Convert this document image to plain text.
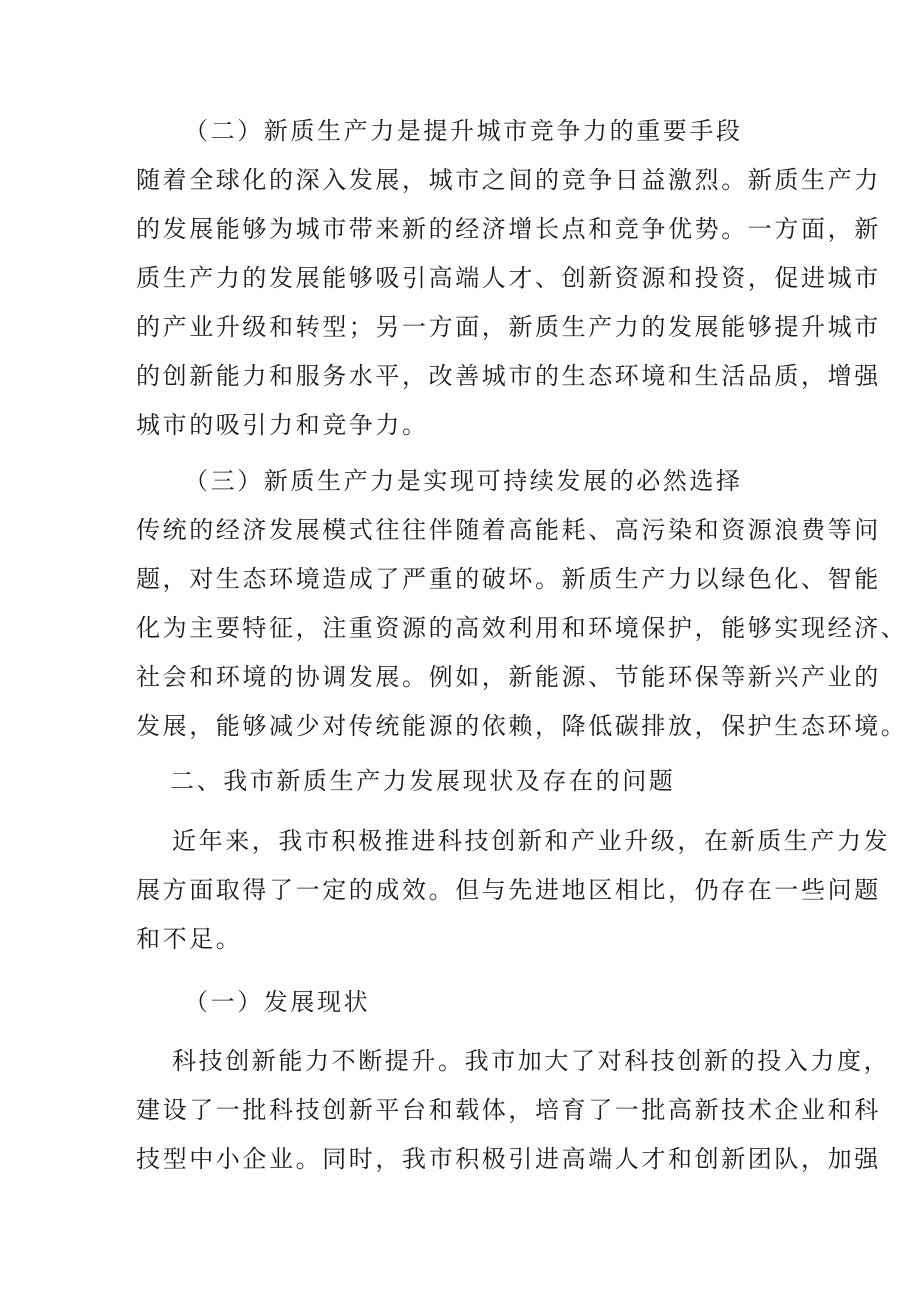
（二）新质生产力是提升城市竞争力的重要手段
随着全球化的深入发展，城市之间的竞争日益激烈。新质生产力
的发展能够为城市带来新的经济增长点和竞争优势。一方面，新
质生产力的发展能够吸引高端人才、创新资源和投资，促进城市
的产业升级和转型；另一方面，新质生产力的发展能够提升城市
的创新能力和服务水平，改善城市的生态环境和生活品质，增强
城市的吸引力和竞争力。
（三）新质生产力是实现可持续发展的必然选择
传统的经济发展模式往往伴随着高能耗、高污染和资源浪费等问
题，对生态环境造成了严重的破坏。新质生产力以绿色化、智能
化为主要特征，注重资源的高效利用和环境保护，能够实现经济、
社会和环境的协调发展。例如，新能源、节能环保等新兴产业的
发展，能够减少对传统能源的依赖，降低碳排放，保护生态环境。
二、我市新质生产力发展现状及存在的问题
近年来，我市积极推进科技创新和产业升级，在新质生产力发
展方面取得了一定的成效。但与先进地区相比，仍存在一些问题
和不足。
（一）发展现状
科技创新能力不断提升。我市加大了对科技创新的投入力度，
建设了一批科技创新平台和载体，培育了一批高新技术企业和科
技型中小企业。同时，我市积极引进高端人才和创新团队，加强
